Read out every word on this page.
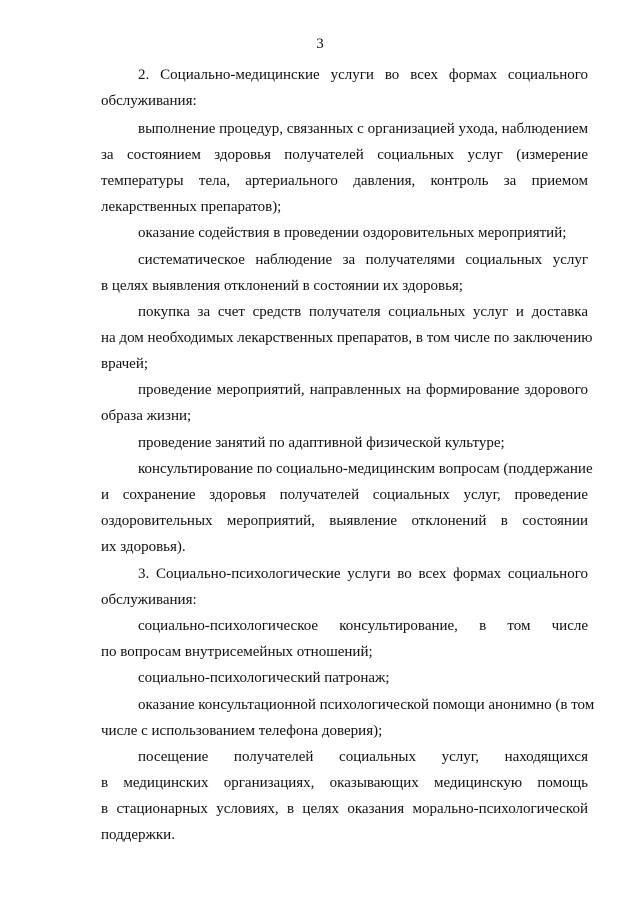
3
2. Социально-медицинские услуги во всех формах социального
обслуживания:
выполнение процедур, связанных с организацией ухода, наблюдением
за состоянием здоровья получателей социальных услуг (измерение
температуры тела, артериального давления, контроль за приемом
лекарственных препаратов);
оказание содействия в проведении оздоровительных мероприятий;
систематическое наблюдение за получателями социальных услуг
в целях выявления отклонений в состоянии их здоровья;
покупка за счет средств получателя социальных услуг и доставка
на дом необходимых лекарственных препаратов, в том числе по заключению
врачей;
проведение мероприятий, направленных на формирование здорового
образа жизни;
проведение занятий по адаптивной физической культуре;
консультирование по социально-медицинским вопросам (поддержание
и сохранение здоровья получателей социальных услуг, проведение
оздоровительных мероприятий, выявление отклонений в состоянии
их здоровья).
3. Социально-психологические услуги во всех формах социального
обслуживания:
социально-психологическое консультирование, в том числе
по вопросам внутрисемейных отношений;
социально-психологический патронаж;
оказание консультационной психологической помощи анонимно (в том
числе с использованием телефона доверия);
посещение получателей социальных услуг, находящихся
в медицинских организациях, оказывающих медицинскую помощь
в стационарных условиях, в целях оказания морально-психологической
поддержки.
